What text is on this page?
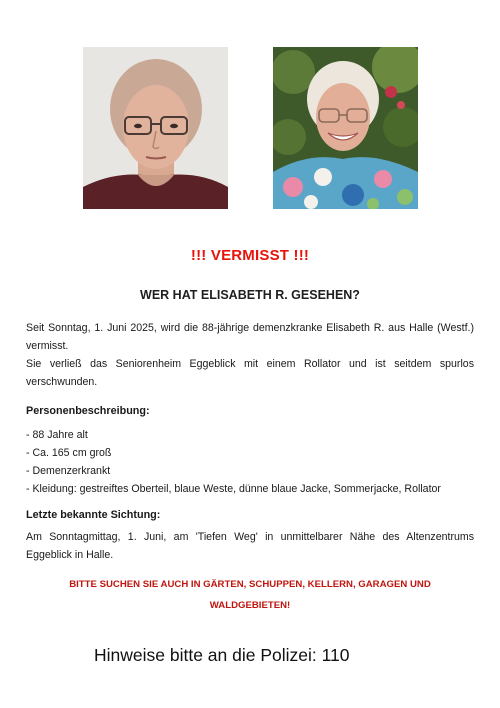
!!! VERMISST !!!
WER HAT ELISABETH R. GESEHEN?

Seit Sonntag, 1. Juni 2025, wird die 88-jährige demenzkranke Elisabeth R. aus Halle (Westf.) vermisst.

Sie verließ das Seniorenheim Eggeblick mit einem Rollator und ist seitdem spurlos verschwunden.

Personenbeschreibung:
- 88 Jahre alt
- Ca. 165 cm groß
- Demenzerkrankt
- Kleidung: gestreiftes Oberteil, blaue Weste, dünne blaue Jacke, Sommerjacke, Rollator
Letzte bekannte Sichtung:
Am Sonntagmittag, 1. Juni, am 'Tiefen Weg' in unmittelbarer Nähe des Altenzentrums Eggeblick in Halle.
BITTE SUCHEN SIE AUCH IN GÄRTEN, SCHUPPEN, KELLERN, GARAGEN UND
WALDGEBIETEN!
Hinweise bitte an die Polizei: 110
